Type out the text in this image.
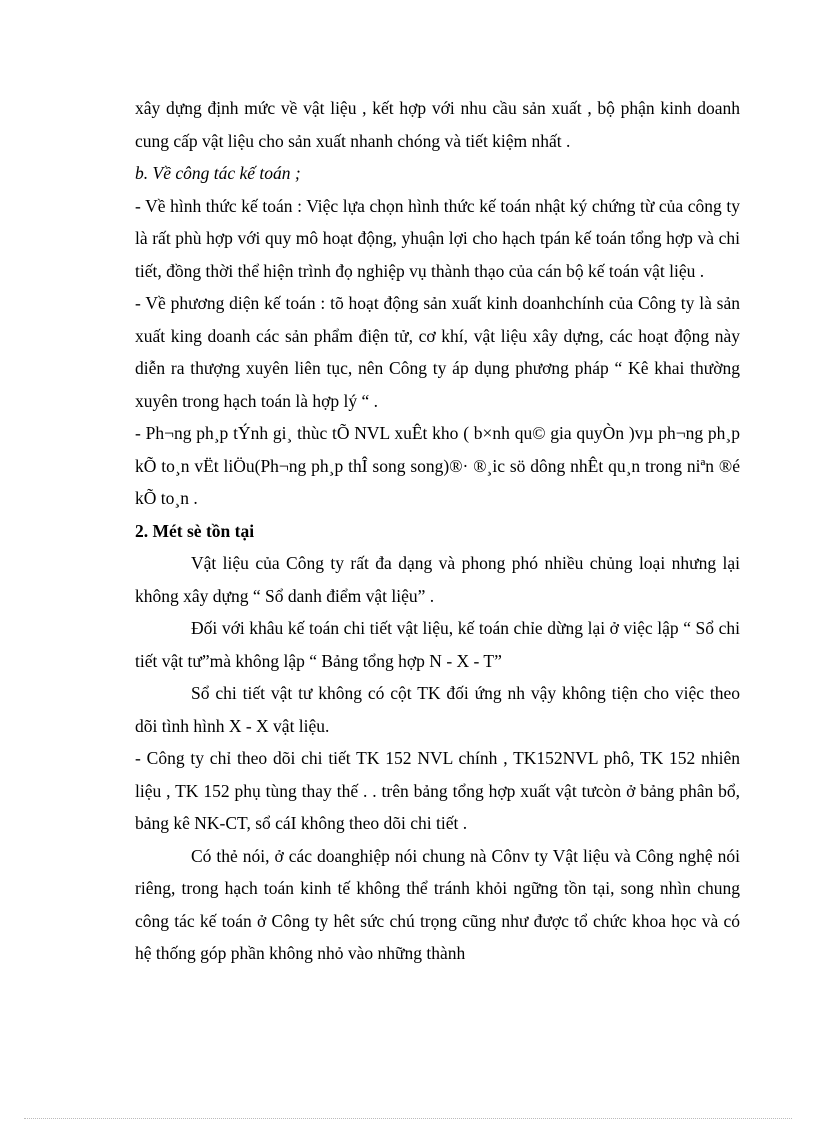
xây dựng định mức về vật liệu , kết hợp với nhu cầu sản xuất , bộ phận kinh doanh cung cấp vật liệu cho sản xuất nhanh chóng và tiết kiệm nhất .

b. Về công tác kế toán ;

- Về hình thức kế toán : Việc lựa chọn hình thức kế toán nhật ký chứng từ của công ty là rất phù hợp với quy mô hoạt động, yhuận lợi cho hạch tpán kế toán tổng hợp và chi tiết, đồng thời thể hiện trình đọ nghiệp vụ thành thạo của cán bộ kế toán vật liệu .

- Về phương diện kế toán : tõ hoạt động sản xuất kinh doanhchính của Công ty là sản xuất king doanh các sản phẩm điện tử, cơ khí, vật liệu xây dựng, các hoạt động này diễn ra thượng xuyên liên tục, nên Công ty áp dụng phương pháp “ Kê khai thường xuyên trong hạch toán là hợp lý “ .

- Ph¬ng ph¸p tÝnh gi¸ thùc tÕ NVL xuÊt kho ( b×nh qu© gia quyÒn )vµ ph¬ng ph¸p kÕ to¸n vËt liÖu(Ph¬ng ph¸p thÎ song song)®· ®¸ic sö dông nhÊt qu¸n trong niªn ®é kÕ to¸n .

2. Mét sè tồn tại

Vật liệu của Công ty rất đa dạng và phong phó nhiều chủng loại nhưng lại không xây dựng “ Sổ danh điểm vật liệu” .

Đối với khâu kế toán chi tiết vật liệu, kế toán chỉe dừng lại ở việc lập “ Sổ chi tiết vật tư”mà không lập “ Bảng tổng hợp N - X - T”

Sổ chi tiết vật tư không có cột TK đối ứng nh vậy không tiện cho việc theo dõi tình hình X - X vật liệu.

- Công ty chỉ theo dõi chi tiết TK 152 NVL chính , TK152NVL phô, TK 152 nhiên liệu , TK 152 phụ tùng thay thế . . trên bảng tổng hợp xuất vật tưcòn ở bảng phân bổ, bảng kê NK-CT, sổ cáI không theo dõi chi tiết .

Có thẻ nói, ở các doanghiệp nói chung nà Cônv ty Vật liệu và Công nghệ nói riêng, trong hạch toán kinh tế không thể tránh khỏi ngững tồn tại, song nhìn chung công tác kế toán ở Công ty hêt sức chú trọng cũng như được tổ chức khoa học và có hệ thống góp phần không nhỏ vào những thành
